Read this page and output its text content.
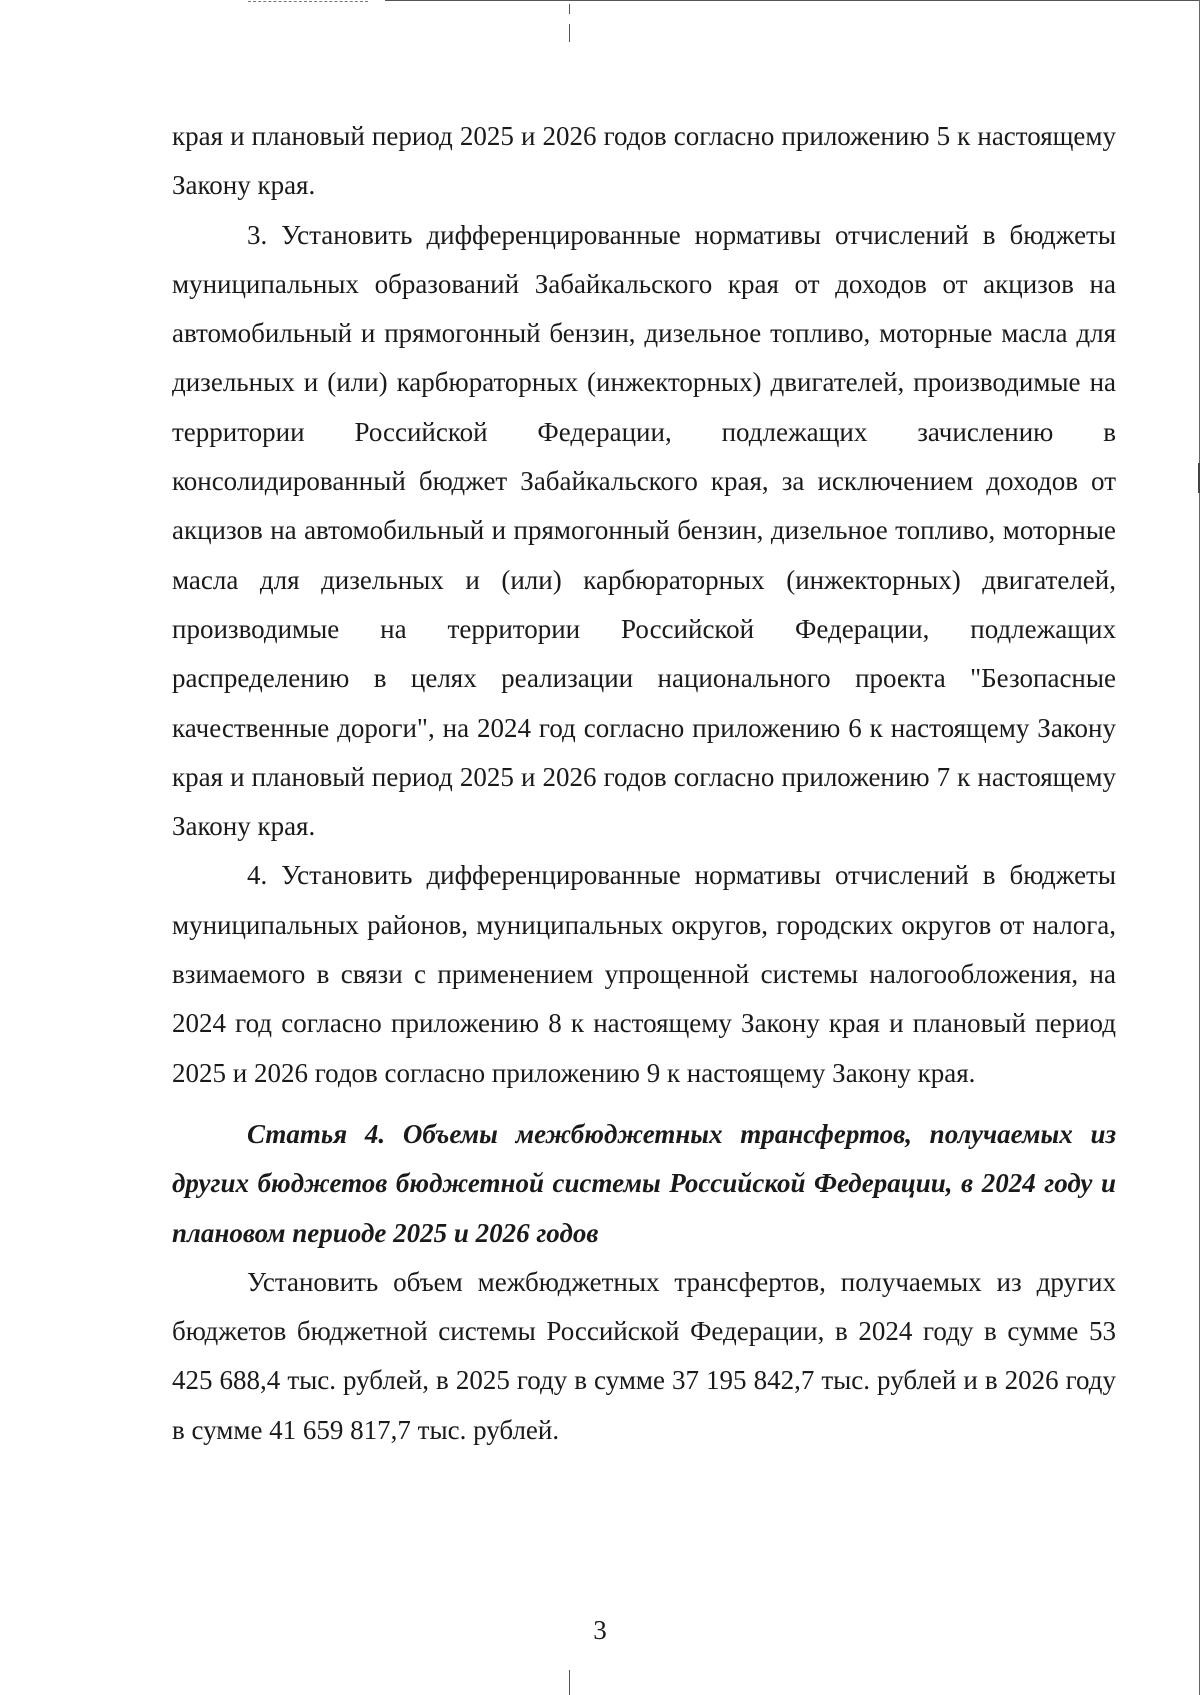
края и плановый период 2025 и 2026 годов согласно приложению 5 к настоящему Закону края.

3. Установить дифференцированные нормативы отчислений в бюджеты муниципальных образований Забайкальского края от доходов от акцизов на автомобильный и прямогонный бензин, дизельное топливо, моторные масла для дизельных и (или) карбюраторных (инжекторных) двигателей, производимые на территории Российской Федерации, подлежащих зачислению в консолидированный бюджет Забайкальского края, за исключением доходов от акцизов на автомобильный и прямогонный бензин, дизельное топливо, моторные масла для дизельных и (или) карбюраторных (инжекторных) двигателей, производимые на территории Российской Федерации, подлежащих распределению в целях реализации национального проекта "Безопасные качественные дороги", на 2024 год согласно приложению 6 к настоящему Закону края и плановый период 2025 и 2026 годов согласно приложению 7 к настоящему Закону края.

4. Установить дифференцированные нормативы отчислений в бюджеты муниципальных районов, муниципальных округов, городских округов от налога, взимаемого в связи с применением упрощенной системы налогообложения, на 2024 год согласно приложению 8 к настоящему Закону края и плановый период 2025 и 2026 годов согласно приложению 9 к настоящему Закону края.

Статья 4. Объемы межбюджетных трансфертов, получаемых из других бюджетов бюджетной системы Российской Федерации, в 2024 году и плановом периоде 2025 и 2026 годов

Установить объем межбюджетных трансфертов, получаемых из других бюджетов бюджетной системы Российской Федерации, в 2024 году в сумме 53 425 688,4 тыс. рублей, в 2025 году в сумме 37 195 842,7 тыс. рублей и в 2026 году в сумме 41 659 817,7 тыс. рублей.

3
